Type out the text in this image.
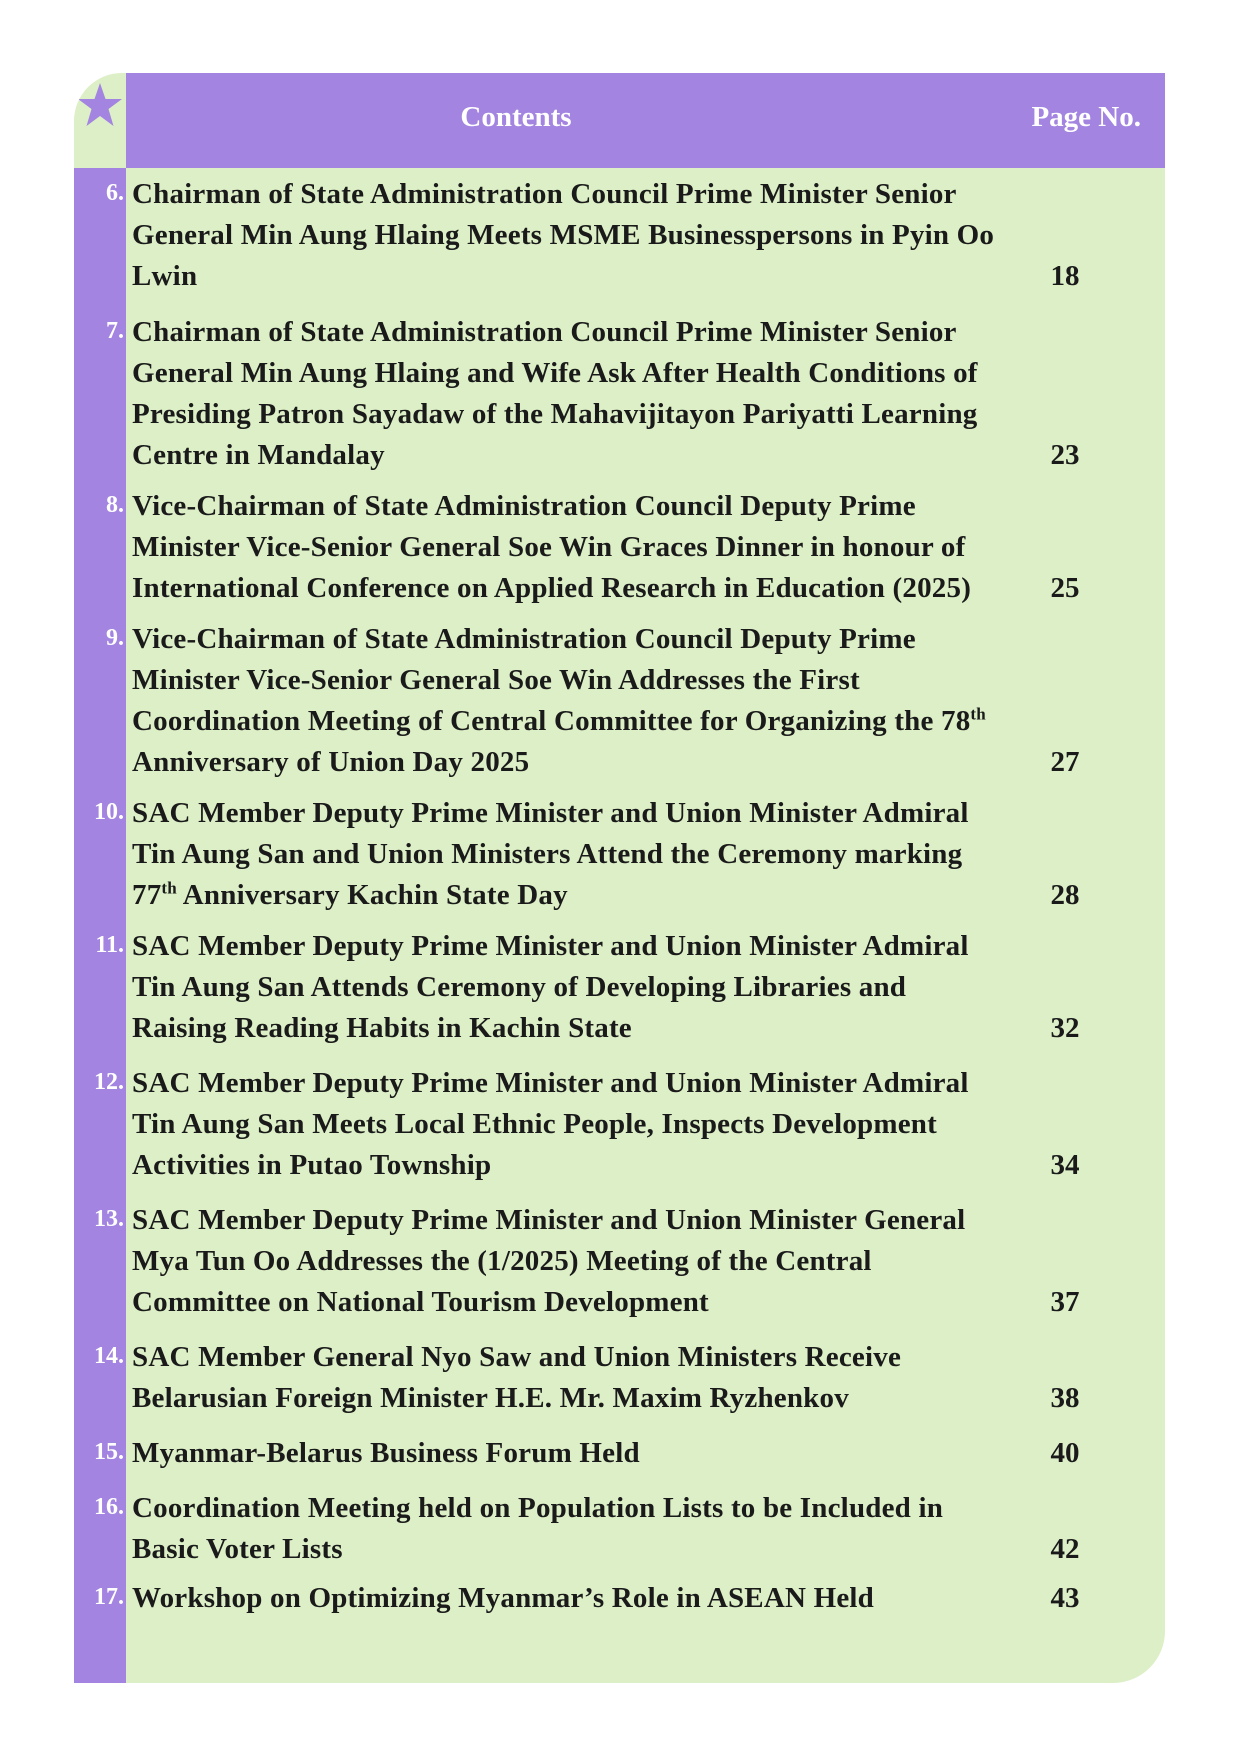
Contents	Page No.
6. Chairman of State Administration Council Prime Minister Senior General Min Aung Hlaing Meets MSME Businesspersons in Pyin Oo Lwin	18
7. Chairman of State Administration Council Prime Minister Senior General Min Aung Hlaing and Wife Ask After Health Conditions of Presiding Patron Sayadaw of the Mahavijitayon Pariyatti Learning Centre in Mandalay	23
8. Vice-Chairman of State Administration Council Deputy Prime Minister Vice-Senior General Soe Win Graces Dinner in honour of International Conference on Applied Research in Education (2025)	25
9. Vice-Chairman of State Administration Council Deputy Prime Minister Vice-Senior General Soe Win Addresses the First Coordination Meeting of Central Committee for Organizing the 78th Anniversary of Union Day 2025	27
10. SAC Member Deputy Prime Minister and Union Minister Admiral Tin Aung San and Union Ministers Attend the Ceremony marking 77th Anniversary Kachin State Day	28
11. SAC Member Deputy Prime Minister and Union Minister Admiral Tin Aung San Attends Ceremony of Developing Libraries and Raising Reading Habits in Kachin State	32
12. SAC Member Deputy Prime Minister and Union Minister Admiral Tin Aung San Meets Local Ethnic People, Inspects Development Activities in Putao Township	34
13. SAC Member Deputy Prime Minister and Union Minister General Mya Tun Oo Addresses the (1/2025) Meeting of the Central Committee on National Tourism Development	37
14. SAC Member General Nyo Saw and Union Ministers Receive Belarusian Foreign Minister H.E. Mr. Maxim Ryzhenkov	38
15. Myanmar-Belarus Business Forum Held	40
16. Coordination Meeting held on Population Lists to be Included in Basic Voter Lists	42
17. Workshop on Optimizing Myanmar’s Role in ASEAN Held	43
